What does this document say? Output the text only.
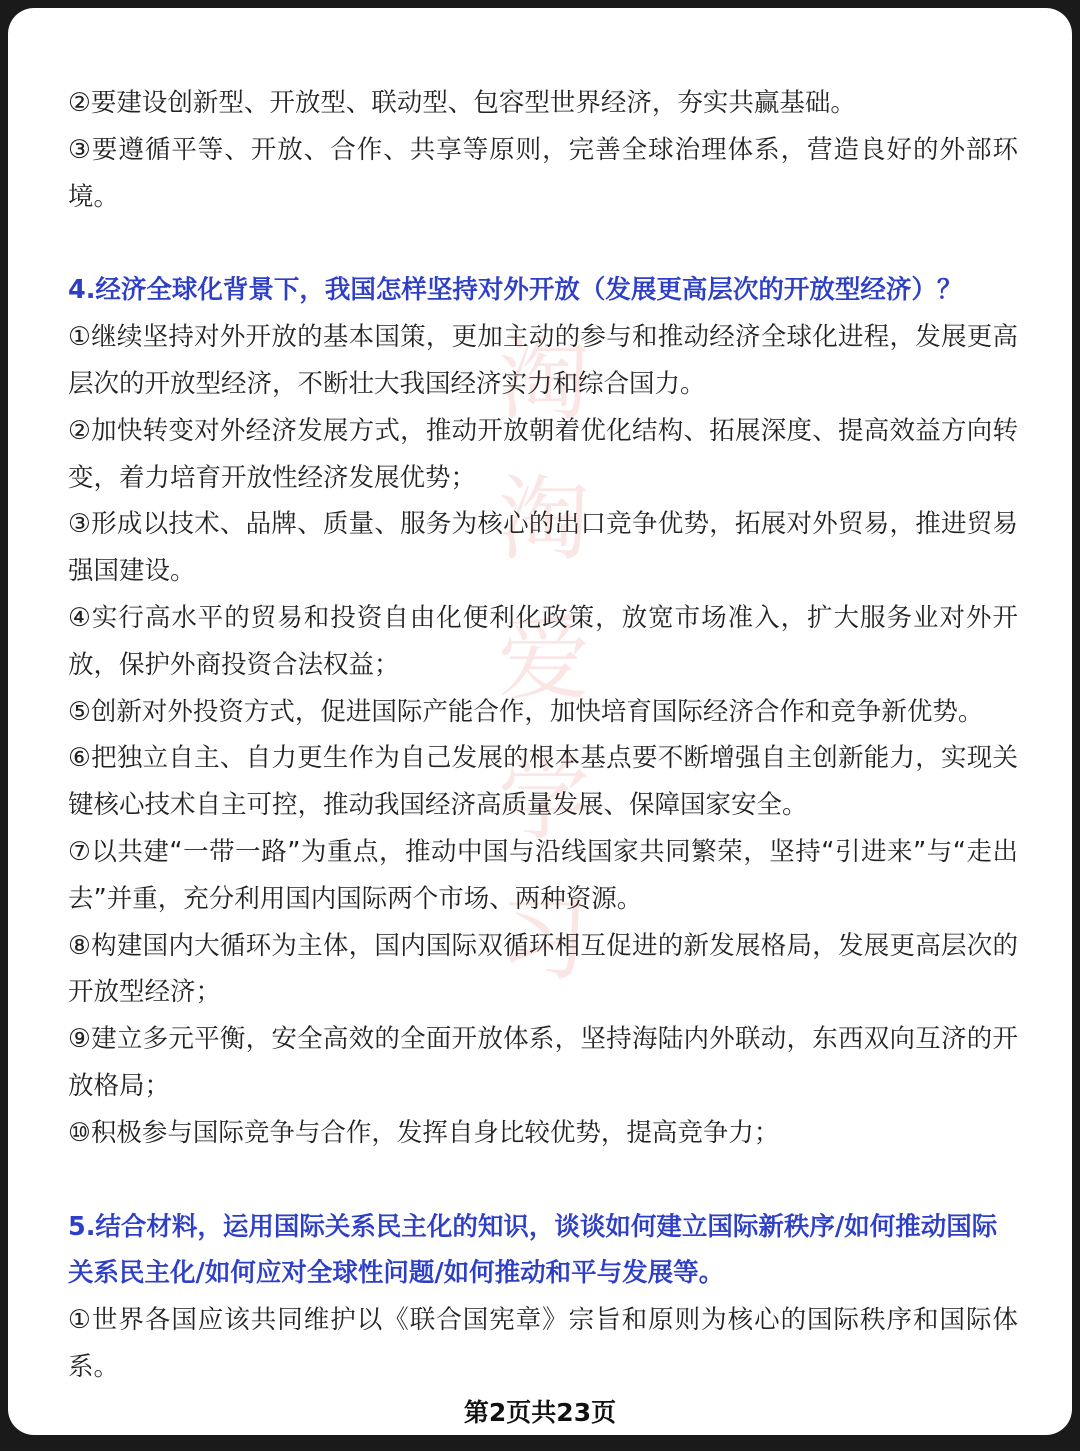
淘
淘
爱
学
习

②要建设创新型、开放型、联动型、包容型世界经济，夯实共赢基础。

③要遵循平等、开放、合作、共享等原则，完善全球治理体系，营造良好的外部环境。

4.经济全球化背景下，我国怎样坚持对外开放（发展更高层次的开放型经济）？

①继续坚持对外开放的基本国策，更加主动的参与和推动经济全球化进程，发展更高层次的开放型经济，不断壮大我国经济实力和综合国力。

②加快转变对外经济发展方式，推动开放朝着优化结构、拓展深度、提高效益方向转变，着力培育开放性经济发展优势；

③形成以技术、品牌、质量、服务为核心的出口竞争优势，拓展对外贸易，推进贸易强国建设。

④实行高水平的贸易和投资自由化便利化政策，放宽市场准入，扩大服务业对外开放，保护外商投资合法权益；

⑤创新对外投资方式，促进国际产能合作，加快培育国际经济合作和竞争新优势。

⑥把独立自主、自力更生作为自己发展的根本基点要不断增强自主创新能力，实现关键核心技术自主可控，推动我国经济高质量发展、保障国家安全。

⑦以共建“一带一路”为重点，推动中国与沿线国家共同繁荣，坚持“引进来”与“走出去”并重，充分利用国内国际两个市场、两种资源。

⑧构建国内大循环为主体，国内国际双循环相互促进的新发展格局，发展更高层次的开放型经济；

⑨建立多元平衡，安全高效的全面开放体系，坚持海陆内外联动，东西双向互济的开放格局；

⑩积极参与国际竞争与合作，发挥自身比较优势，提高竞争力；

5.结合材料，运用国际关系民主化的知识，谈谈如何建立国际新秩序/如何推动国际关系民主化/如何应对全球性问题/如何推动和平与发展等。

①世界各国应该共同维护以《联合国宪章》宗旨和原则为核心的国际秩序和国际体系。

第2页共23页
